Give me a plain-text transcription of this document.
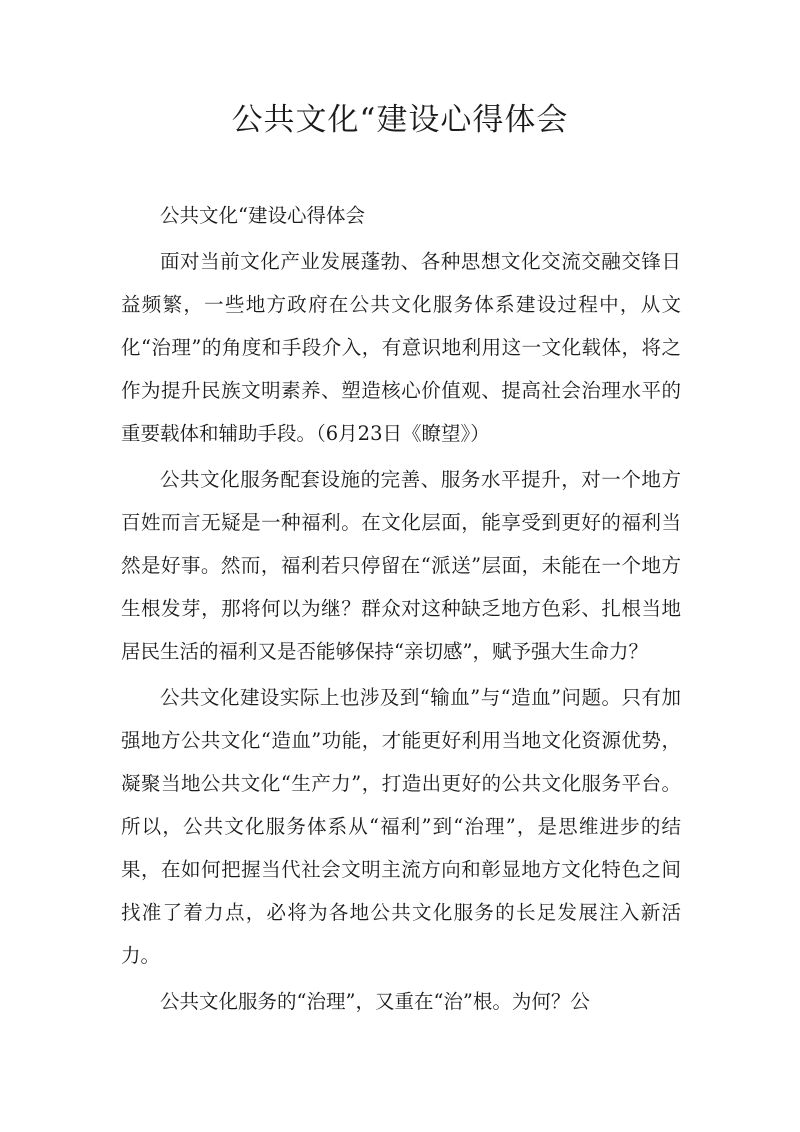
公共文化“建设心得体会

公共文化“建设心得体会

面对当前文化产业发展蓬勃、各种思想文化交流交融交锋日益频繁，一些地方政府在公共文化服务体系建设过程中，从文化“治理”的角度和手段介入，有意识地利用这一文化载体，将之作为提升民族文明素养、塑造核心价值观、提高社会治理水平的重要载体和辅助手段。（6月23日《瞭望》）

公共文化服务配套设施的完善、服务水平提升，对一个地方百姓而言无疑是一种福利。在文化层面，能享受到更好的福利当然是好事。然而，福利若只停留在“派送”层面，未能在一个地方生根发芽，那将何以为继？群众对这种缺乏地方色彩、扎根当地居民生活的福利又是否能够保持“亲切感”，赋予强大生命力？

公共文化建设实际上也涉及到“输血”与“造血”问题。只有加强地方公共文化“造血”功能，才能更好利用当地文化资源优势，凝聚当地公共文化“生产力”，打造出更好的公共文化服务平台。所以，公共文化服务体系从“福利”到“治理”，是思维进步的结果，在如何把握当代社会文明主流方向和彰显地方文化特色之间找准了着力点，必将为各地公共文化服务的长足发展注入新活力。

公共文化服务的“治理”，又重在“治”根。为何？公
